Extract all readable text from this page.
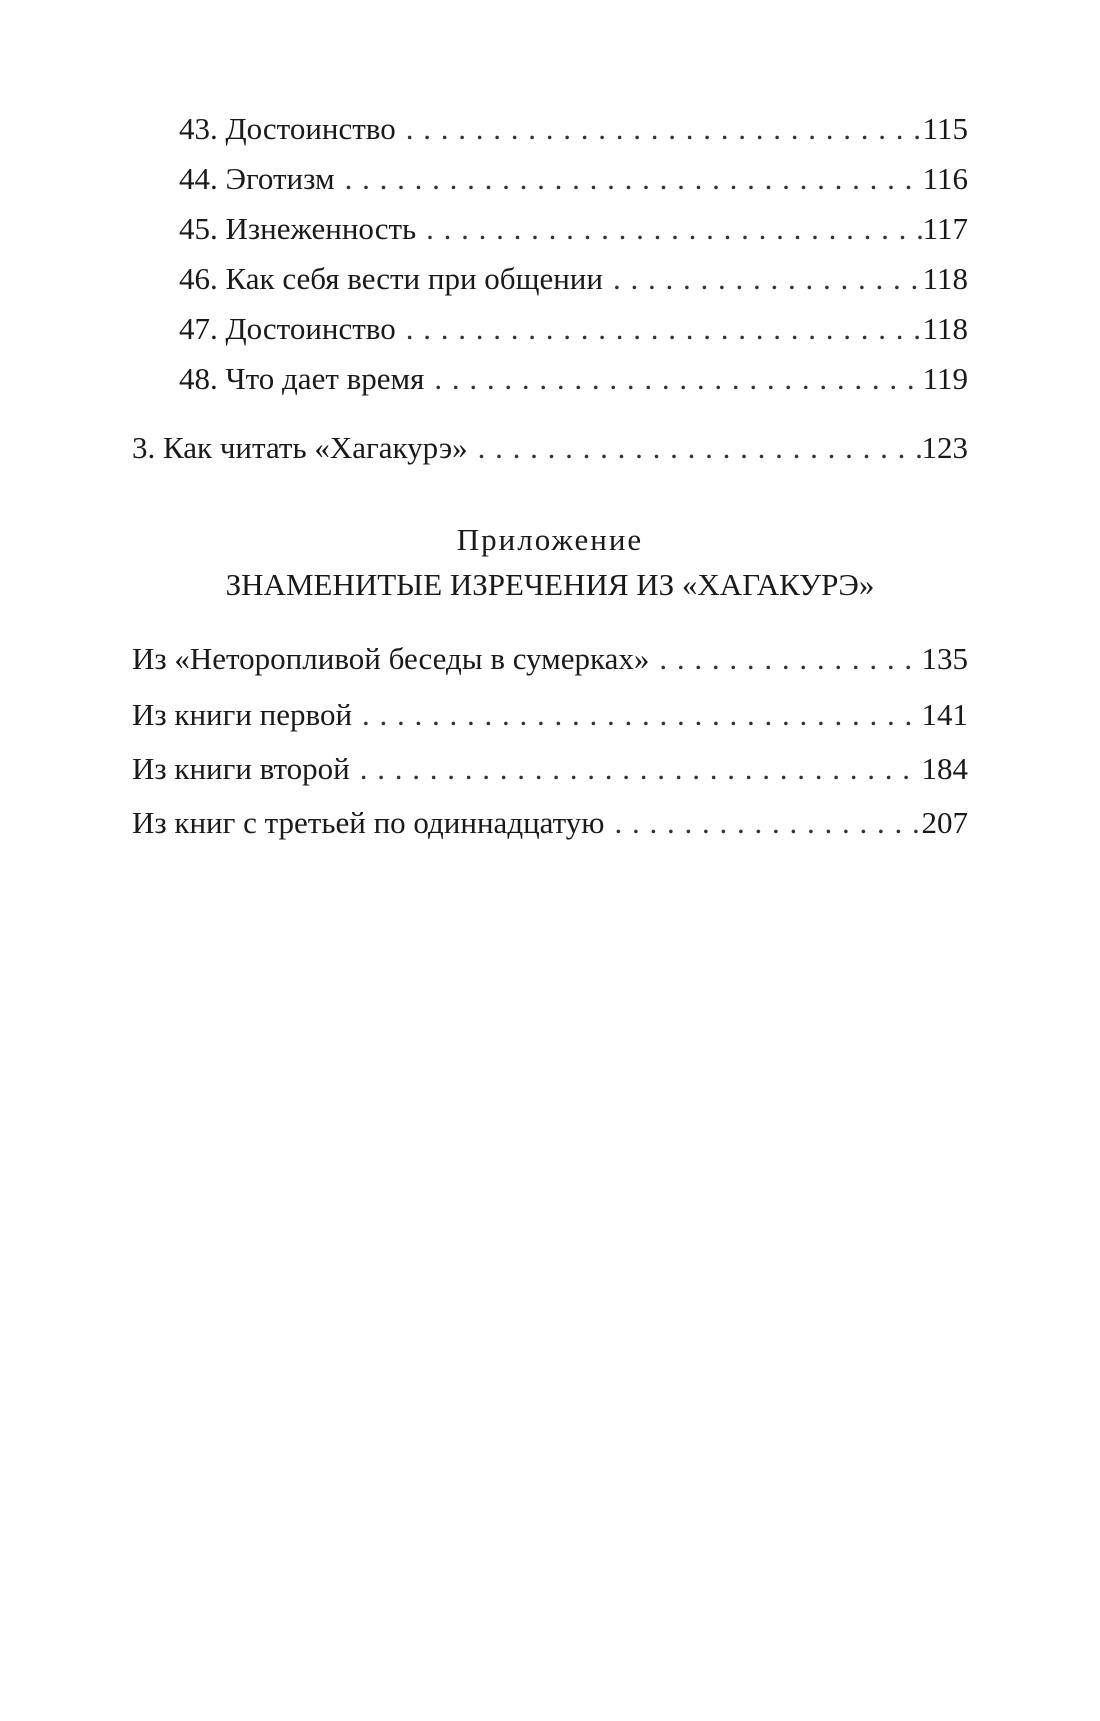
43. Достоинство . . .	115
44. Эготизм . . .	116
45. Изнеженность . . .	117
46. Как себя вести при общении . . .	118
47. Достоинство . . .	118
48. Что дает время . . .	119
3. Как читать «Хагакурэ» . . .	123
Приложение
ЗНАМЕНИТЫЕ ИЗРЕЧЕНИЯ ИЗ «ХАГАКУРЭ»
Из «Неторопливой беседы в сумерках» . . .	135
Из книги первой . . .	141
Из книги второй . . .	184
Из книг с третьей по одиннадцатую . . .	207
